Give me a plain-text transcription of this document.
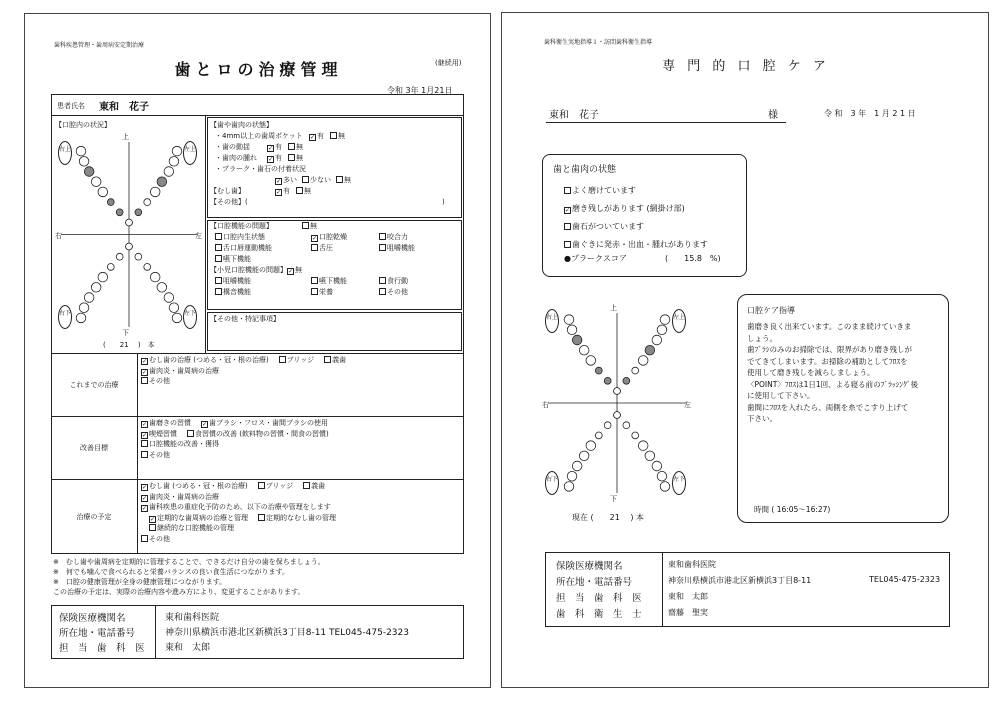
歯科疾患管理・歯周病安定期治療
歯とロの治療管理	(継続用)
令和 3年 1月21日
患者氏名 東和　花子
【口腔内の状況】
上
下
右	左
右上	左上
右下	左下
(　　21　 )　本
【歯や歯肉の状態】
・4mm以上の歯周ポケット ✓ 有 無
・歯の動揺 ✓	有 無
・歯肉の腫れ ✓	有 無
・プラーク・歯石の付着状況
✓多い 少ない 無
【むし歯】 ✓	有 無
【その他】(	)
【口腔機能の問題】	無
口腔内生状態 ✓	口腔乾燥	咬合力
舌口唇運動機能	舌圧	咀嚼機能
嚥下機能
【小児口腔機能の問題】 ✓ 無
咀嚼機能	嚥下機能	食行動
構音機能	栄養	その他
【その他・特記事項】
これまでの治療
✓むし歯の治療 (つめる・冠・根の治療)	ブリッジ	義歯
✓歯肉炎・歯周病の治療
その他
改善目標
✓歯磨きの習慣 ✓	歯ブラシ・フロス・歯間ブラシの使用
✓喫煙習慣	食習慣の改善 (飲料物の習慣・間食の習慣)
口腔機能の改善・獲得
その他
治療の予定
✓むし歯 (つめる・冠・根の治療)	ブリッジ	義歯
✓歯肉炎・歯周病の治療
✓歯科疾患の重症化予防のため、以下の治療や管理をします
✓定期的な歯周病の治療と管理	定期的なむし歯の管理
継続的な口腔機能の管理
その他
※　むし歯や歯周病を定期的に管理することで、できるだけ自分の歯を保ちましょう。
※　何でも噛んで食べられると栄養バランスの良い食生活につながります。
※　口腔の健康管理が全身の健康管理につながります。
この治療の予定は、実際の治療内容や進み方により、変更することがあります。
保険医療機関名	東和歯科医院
所在地・電話番号	神奈川県横浜市港北区新横浜3丁目8-11 TEL045-475-2323
担　当　歯　科　医 東和　太郎
歯科衛生実地指導１・訪問歯科衛生指導
専 門 的 口 腔 ケ ア
東和　花子	様	令 和　3 年　1 月 2 1 日
歯と歯肉の状態
よく磨けています
✓磨き残しがあります (網掛け部)
歯石がついています
歯ぐきに発赤・出血・腫れがあります
●プラークスコア	(　　15.8　%)
上
下
右	左
右上	左上
右下	左下
現在 (　　21　 ) 本
口腔ケア指導
歯磨き良く出来ています。このまま続けていきま
しょう。
歯ﾌﾞﾗｼのみのお掃除では、限界があり磨き残しが
でてきてしまいます。お掃除の補助としてﾌﾛｽを
使用して磨き残しを減らしましょう。
〈POINT〉ﾌﾛｽは1日1回、よる寝る前のﾌﾞﾗｯｼﾝｸﾞ後
に使用して下さい。
歯間にﾌﾛｽを入れたら、両側を糸でこすり上げて
下さい。
時間 ( 16:05～16:27)
保険医療機関名	東和歯科医院
所在地・電話番号	神奈川県横浜市港北区新横浜3丁目8-11	TEL045-475-2323
担　当　歯　科　医	東和　太郎
歯　科　衛　生　士	齋藤　聖実
